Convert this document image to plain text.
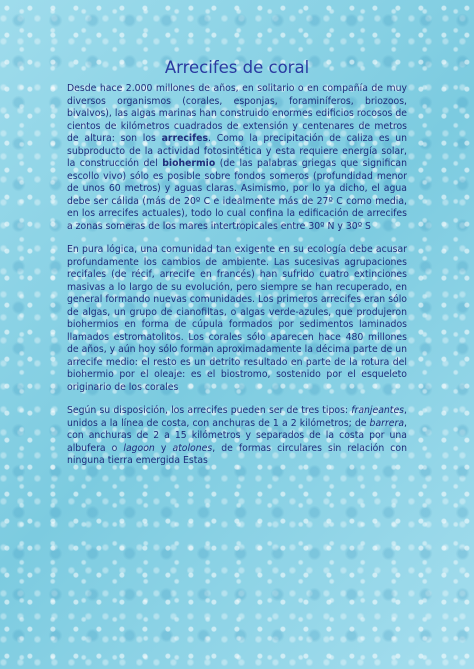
Arrecifes de coral

Desde hace 2.000 millones de años, en solitario o en compañía de muy diversos organismos (corales, esponjas, foraminíferos, briozoos, bivalvos), las algas marinas han construido enormes edificios rocosos de cientos de kilómetros cuadrados de extensión y centenares de metros de altura: son los arrecifes. Como la precipitación de caliza es un subproducto de la actividad fotosintética y esta requiere energía solar, la construcción del biohermio (de las palabras griegas que significan escollo vivo) sólo es posible sobre fondos someros (profundidad menor de unos 60 metros) y aguas claras. Asimismo, por lo ya dicho, el agua debe ser cálida (más de 20º C e idealmente más de 27º C como media, en los arrecifes actuales), todo lo cual confina la edificación de arrecifes a zonas someras de los mares intertropicales entre 30º N y 30º S

En pura lógica, una comunidad tan exigente en su ecología debe acusar profundamente los cambios de ambiente. Las sucesivas agrupaciones recifales (de récif, arrecife en francés) han sufrido cuatro extinciones masivas a lo largo de su evolución, pero siempre se han recuperado, en general formando nuevas comunidades. Los primeros arrecifes eran sólo de algas, un grupo de cianofiltas, o algas verde-azules, que produjeron biohermios en forma de cúpula formados por sedimentos laminados llamados estromatolitos. Los corales sólo aparecen hace 480 millones de años, y aún hoy sólo forman aproximadamente la décima parte de un arrecife medio: el resto es un detrito resultado en parte de la rotura del biohermio por el oleaje: es el biostromo, sostenido por el esqueleto originario de los corales

Según su disposición, los arrecifes pueden ser de tres tipos: franjeantes, unidos a la línea de costa, con anchuras de 1 a 2 kilómetros; de barrera, con anchuras de 2 a 15 kilómetros y separados de la costa por una albufera o lagoon y atolones, de formas circulares sin relación con ninguna tierra emergida Estas
